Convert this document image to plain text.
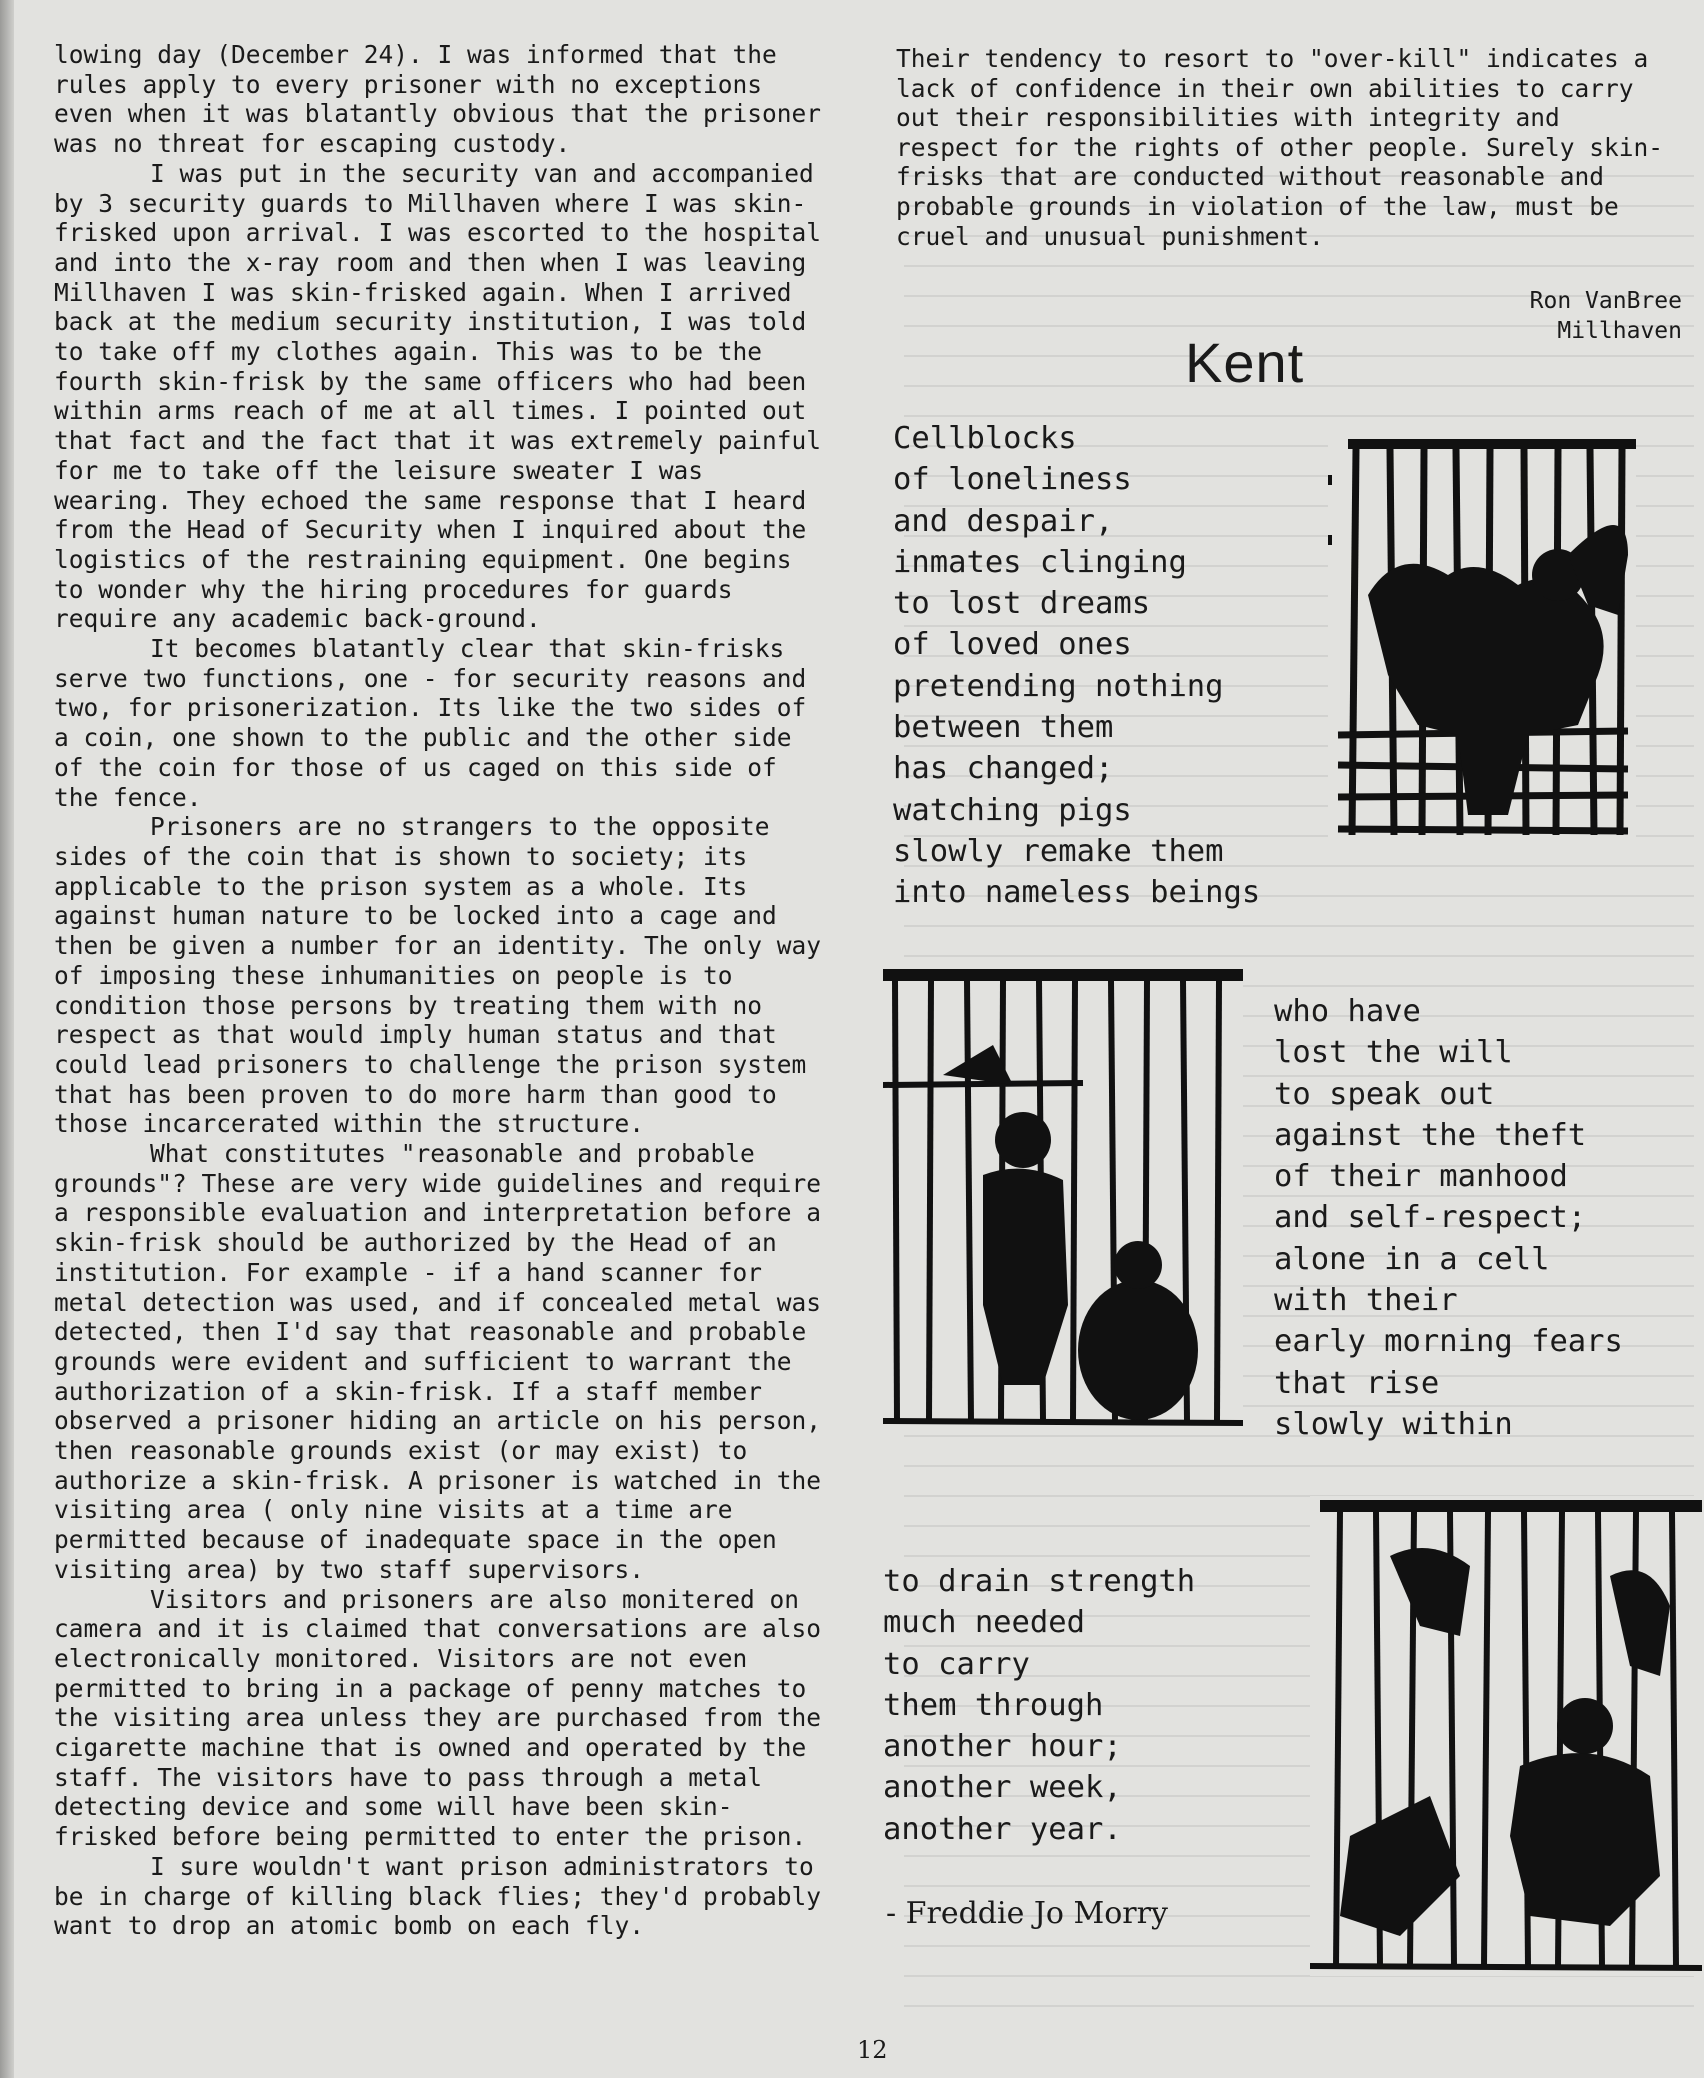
lowing day (December 24). I was informed that the rules apply to every prisoner with no exceptions even when it was blatantly obvious that the prisoner was no threat for escaping custody.

I was put in the security van and accompanied by 3 security guards to Millhaven where I was skin-frisked upon arrival. I was escorted to the hospital and into the x-ray room and then when I was leaving Millhaven I was skin-frisked again. When I arrived back at the medium security institution, I was told to take off my clothes again. This was to be the fourth skin-frisk by the same officers who had been within arms reach of me at all times. I pointed out that fact and the fact that it was extremely painful for me to take off the leisure sweater I was wearing. They echoed the same response that I heard from the Head of Security when I inquired about the logistics of the restraining equipment. One begins to wonder why the hiring procedures for guards require any academic back-ground.

It becomes blatantly clear that skin-frisks serve two functions, one - for security reasons and two, for prisonerization. Its like the two sides of a coin, one shown to the public and the other side of the coin for those of us caged on this side of the fence.

Prisoners are no strangers to the opposite sides of the coin that is shown to society; its applicable to the prison system as a whole. Its against human nature to be locked into a cage and then be given a number for an identity. The only way of imposing these inhumanities on people is to condition those persons by treating them with no respect as that would imply human status and that could lead prisoners to challenge the prison system that has been proven to do more harm than good to those incarcerated within the structure.

What constitutes "reasonable and probable grounds"? These are very wide guidelines and require a responsible evaluation and interpretation before a skin-frisk should be authorized by the Head of an institution. For example - if a hand scanner for metal detection was used, and if concealed metal was detected, then I'd say that reasonable and probable grounds were evident and sufficient to warrant the authorization of a skin-frisk. If a staff member observed a prisoner hiding an article on his person, then reasonable grounds exist (or may exist) to authorize a skin-frisk. A prisoner is watched in the visiting area ( only nine visits at a time are permitted because of inadequate space in the open visiting area) by two staff supervisors.

Visitors and prisoners are also monitered on camera and it is claimed that conversations are also electronically monitored. Visitors are not even permitted to bring in a package of penny matches to the visiting area unless they are purchased from the cigarette machine that is owned and operated by the staff. The visitors have to pass through a metal detecting device and some will have been skin-frisked before being permitted to enter the prison.

I sure wouldn't want prison administrators to be in charge of killing black flies; they'd probably want to drop an atomic bomb on each fly.

Their tendency to resort to "over-kill" indicates a lack of confidence in their own abilities to carry out their responsibilities with integrity and respect for the rights of other people. Surely skin-frisks that are conducted without reasonable and probable grounds in violation of the law, must be cruel and unusual punishment.
Ron VanBree
Millhaven
Kent
Cellblocks
of loneliness
and despair,
inmates clinging
to lost dreams
of loved ones
pretending nothing
between them
has changed;
watching pigs
slowly remake them
into nameless beings
who have
lost the will
to speak out
against the theft
of their manhood
and self-respect;
alone in a cell
with their
early morning fears
that rise
slowly within
to drain strength
much needed
to carry
them through
another hour;
another week,
another year.
- Freddie Jo Morry
12
